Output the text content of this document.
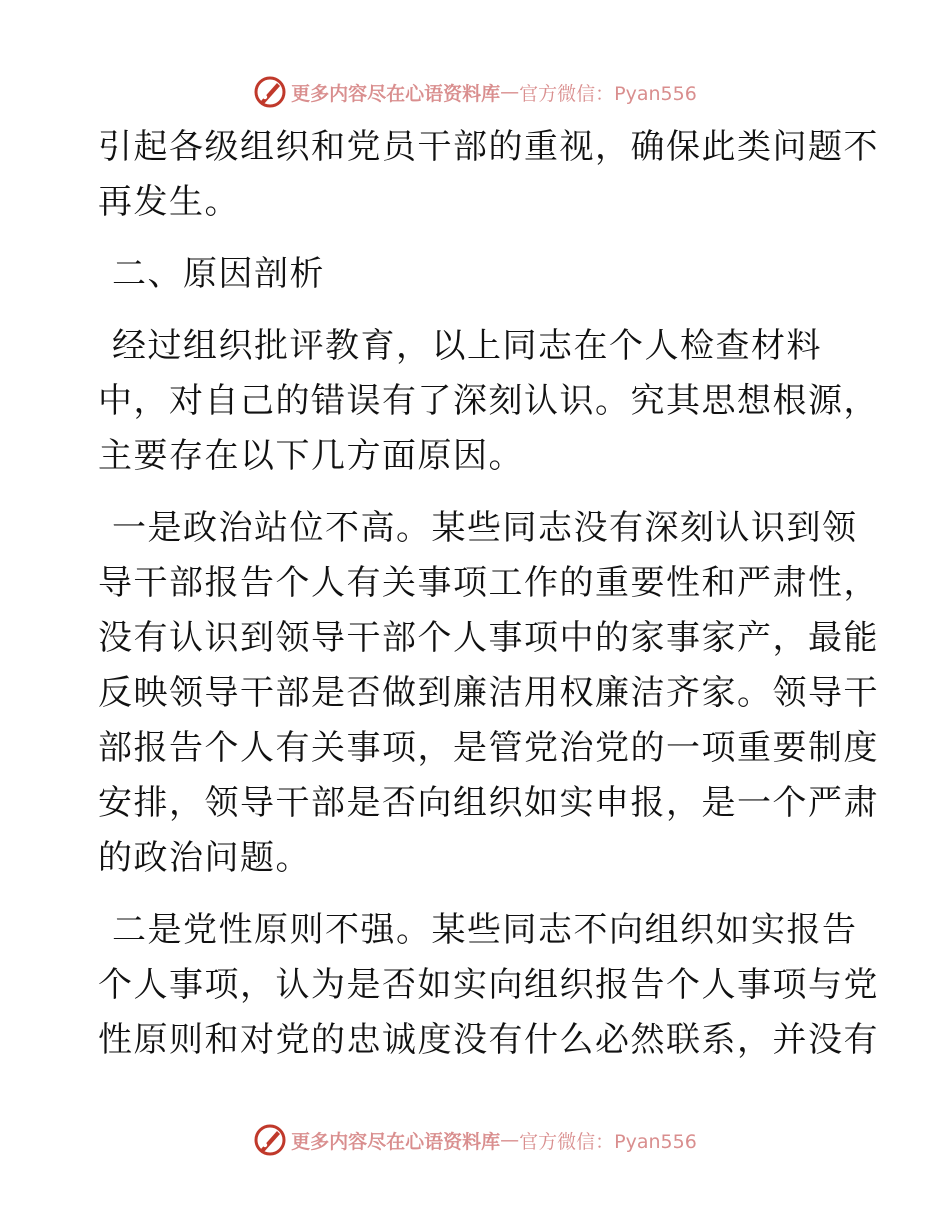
更多内容尽在心语资料库 — 官方微信：Pyan556
引起各级组织和党员干部的重视，确保此类问题不
再发生。
二、原因剖析
经过组织批评教育，以上同志在个人检查材料
中，对自己的错误有了深刻认识。究其思想根源，
主要存在以下几方面原因。
一是政治站位不高。某些同志没有深刻认识到领
导干部报告个人有关事项工作的重要性和严肃性，
没有认识到领导干部个人事项中的家事家产，最能
反映领导干部是否做到廉洁用权廉洁齐家。领导干
部报告个人有关事项，是管党治党的一项重要制度
安排，领导干部是否向组织如实申报，是一个严肃
的政治问题。
二是党性原则不强。某些同志不向组织如实报告
个人事项，认为是否如实向组织报告个人事项与党
性原则和对党的忠诚度没有什么必然联系，并没有
更多内容尽在心语资料库 — 官方微信：Pyan556
